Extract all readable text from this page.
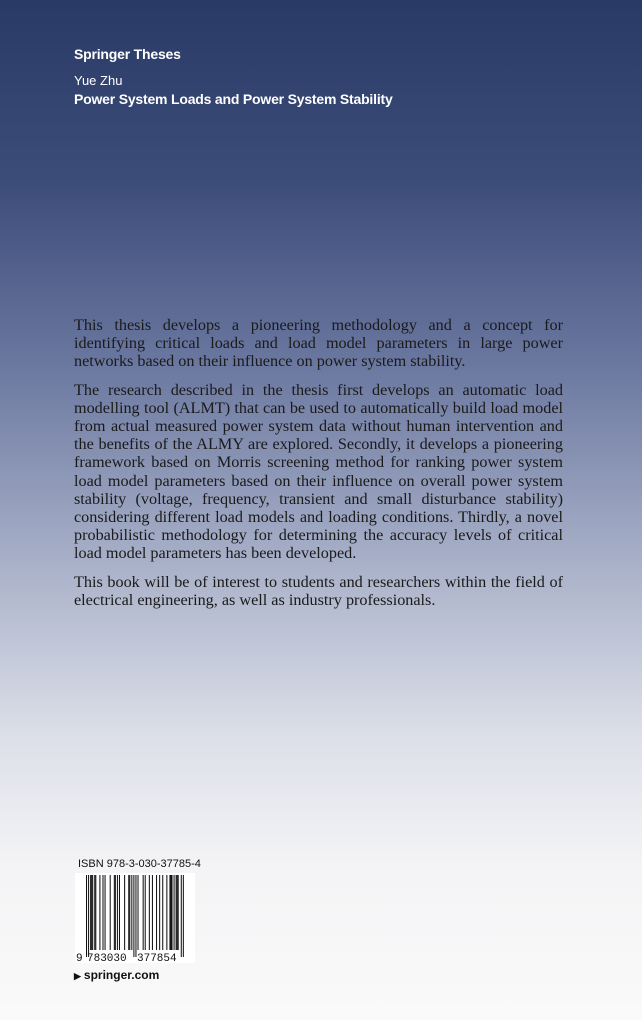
Springer Theses
Yue Zhu
Power System Loads and Power System Stability

This thesis develops a pioneering methodology and a concept for identifying critical loads and load model parameters in large power networks based on their influence on power system stability.

The research described in the thesis first develops an automatic load modelling tool (ALMT) that can be used to automatically build load model from actual measured power system data without human intervention and the benefits of the ALMY are explored. Secondly, it develops a pioneering framework based on Morris screening method for ranking power system load model parameters based on their influence on overall power system stability (voltage, frequency, transient and small disturbance stability) considering different load models and loading conditions. Thirdly, a novel probabilistic methodology for determining the accuracy levels of critical load model parameters has been developed.

This book will be of interest to students and researchers within the field of electrical engineering, as well as industry professionals.

ISBN 978-3-030-37785-4
9 783030 377854
▶ springer.com
